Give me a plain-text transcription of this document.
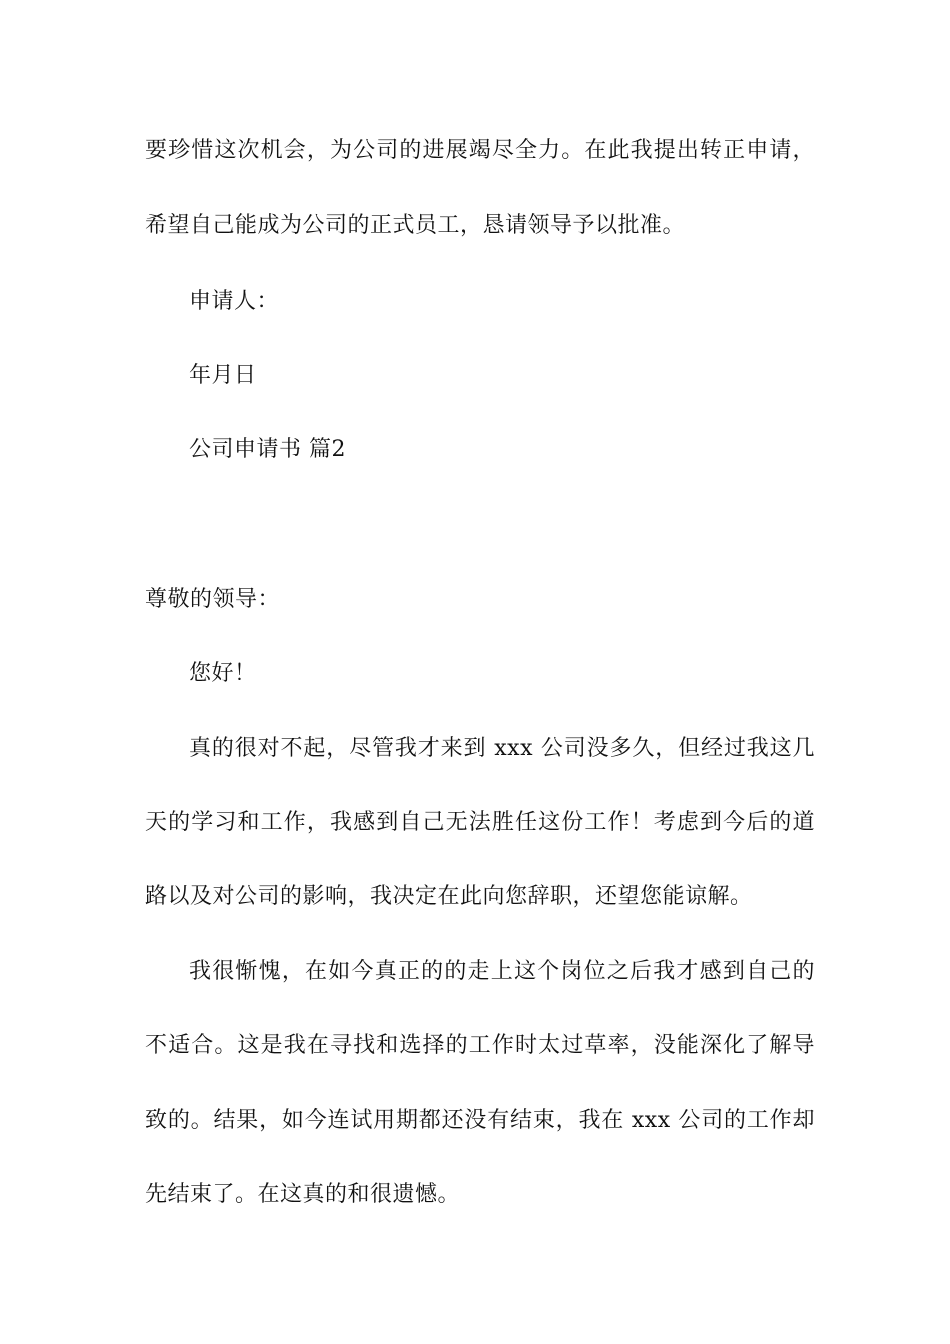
要珍惜这次机会，为公司的进展竭尽全力。在此我提出转正申请，
希望自己能成为公司的正式员工，恳请领导予以批准。
申请人：
年月日
公司申请书 篇2
尊敬的领导：
您好！
真的很对不起，尽管我才来到 xxx 公司没多久，但经过我这几
天的学习和工作，我感到自己无法胜任这份工作！考虑到今后的道
路以及对公司的影响，我决定在此向您辞职，还望您能谅解。
我很惭愧，在如今真正的的走上这个岗位之后我才感到自己的
不适合。这是我在寻找和选择的工作时太过草率，没能深化了解导
致的。结果，如今连试用期都还没有结束，我在 xxx 公司的工作却
先结束了。在这真的和很遗憾。
